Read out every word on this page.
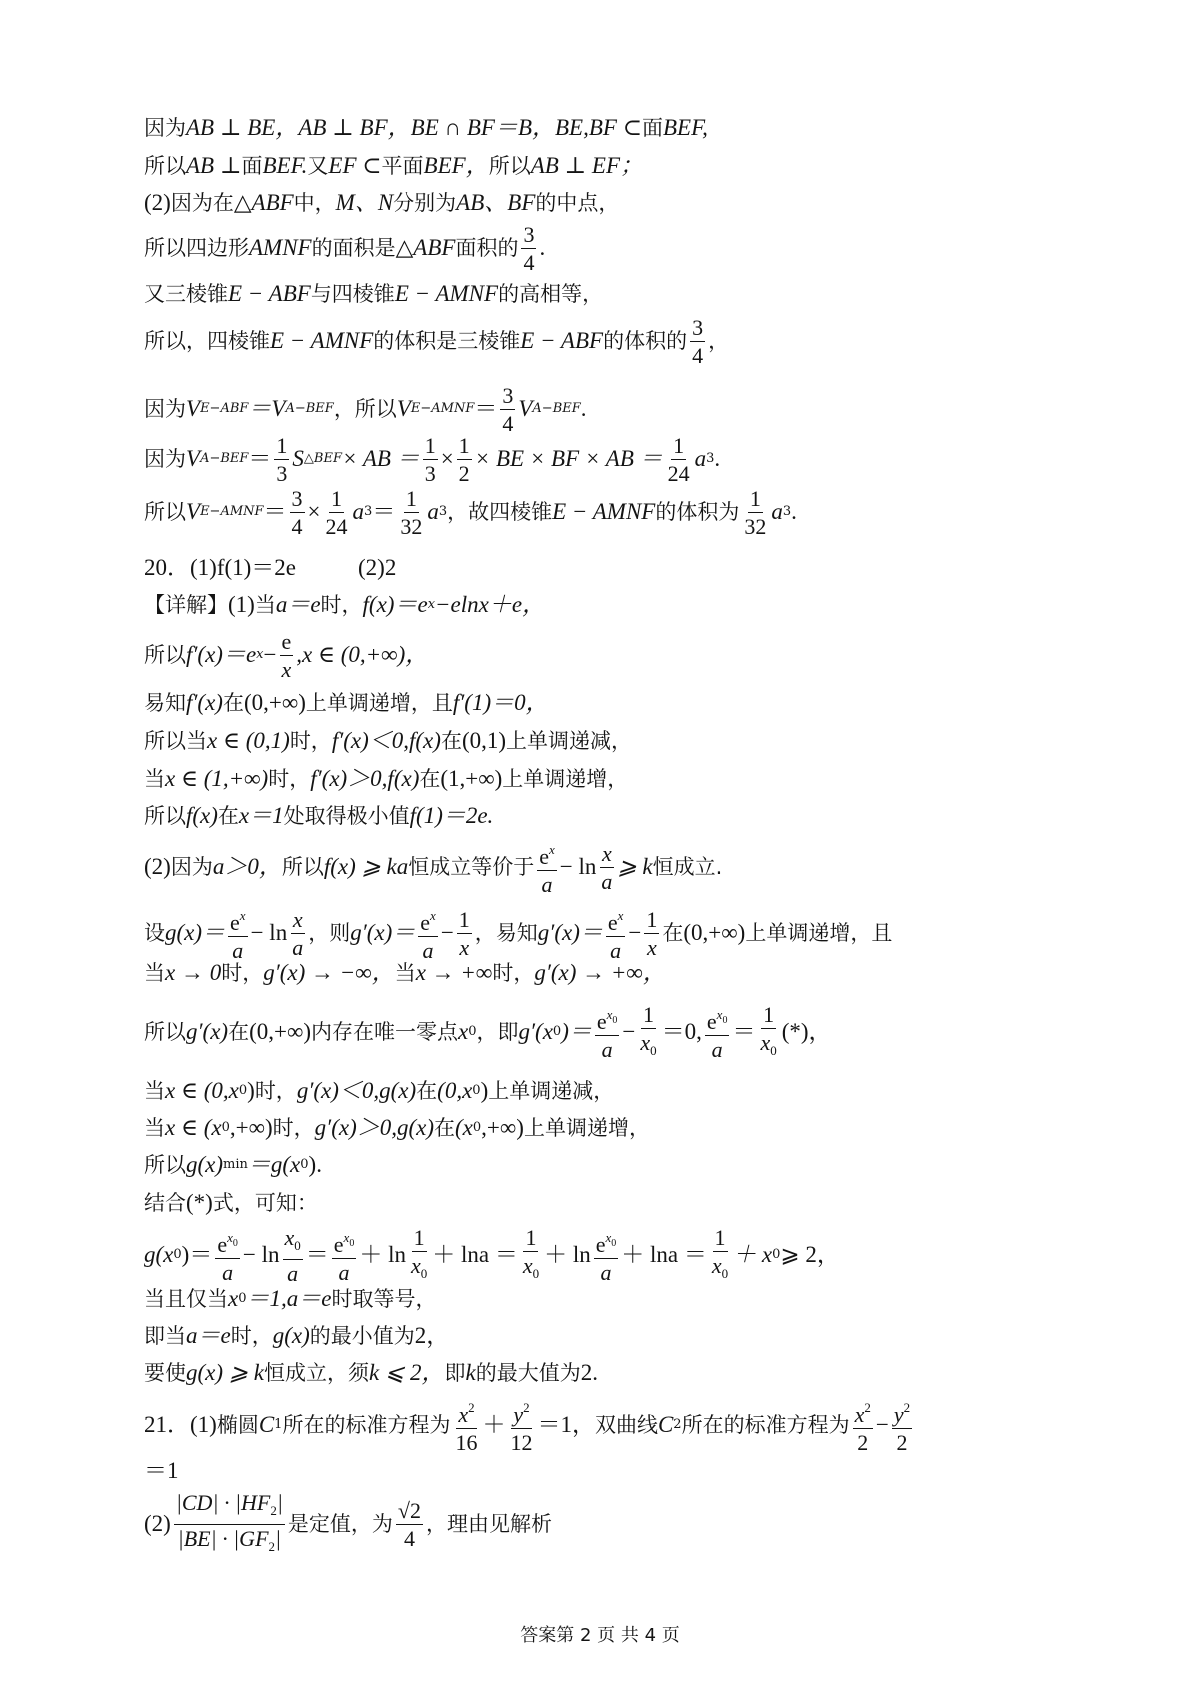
因为 AB ⊥ BE，AB ⊥ BF，BE ∩ BF＝B，BE,BF ⊂ 面 BEF,
所以 AB ⊥ 面 BEF. 又 EF ⊂ 平面 BEF， 所以 AB ⊥ EF；
(2) 因为在 △ABF 中， M、N 分别为 AB、BF 的中点，
所以四边形 AMNF 的面积是 △ABF 面积的 $\frac{3}{4}$ .
又三棱锥 E − ABF 与四棱锥 E − AMNF 的高相等，
所以，四棱锥 E − AMNF 的体积是三棱锥 E − ABF 的体积的 $\frac{3}{4}$ ，
因为 V E−ABF ＝V A−BEF ，所以 V E−AMNF ＝ $\frac{3}{4}$ V A−BEF .
因为 V $A-BEF = \frac{1}{3}$ S △BEF × AB ＝ $\frac{1}{3} \times \frac{1}{2}$ × BE × BF × AB ＝ $\frac{1}{24}$ a 3 .
所以 V E−AMNF ＝ $\frac{3}{4} \times \frac{1}{24}$ a $3 = \frac{1}{32}$ a 3 ，故四棱锥 E − AMNF 的体积为 $\frac{1}{32}$ a 3 .
20． (1)f(1)＝2e	(2)2
【详解】 (1) 当 a＝e 时， f(x)＝e x −elnx＋e，
所以 f′(x)＝e $x - \frac{e}{x} ,x$ ∈ (0,+∞)，
易知 f′(x) 在 (0,+∞) 上单调递增，且 f′(1)＝0，
所以当 x ∈ (0,1) 时， f′(x)＜0,f(x) 在 (0,1) 上单调递减，
当 x ∈ (1,+∞) 时， f′(x)＞0,f(x) 在 (1,+∞) 上单调递增，
所以 f(x) 在 x＝1 处取得极小值 f(1)＝2e.
(2) 因为 a＞0， 所以 f(x) ⩾ ka 恒成立等价于 $\frac{e^x}{a} - \ln \frac{x}{a}$ ⩾ k 恒成立.
设 $g(x)= \frac{e^x}{a} - \ln \frac{x}{a}$ ，则 $g'(x)= \frac{e^x}{a} - \frac{1}{x}$ ，易知 $g'(x)= \frac{e^x}{a} - \frac{1}{x}$ 在 (0,+∞) 上单调递增，且
当 x → 0 时， g′(x) → −∞， 当 x → +∞ 时， g′(x) → +∞，
所以 g′(x) 在 (0,+∞) 内存在唯一零点 x 0 ，即 g′(x 0 )＝ $\frac{e^{x0}}{a} - \frac{1}{x_0} =0$, $\frac{e^{x0}}{a} = \frac{1}{x_0}$ (*)，
当 x ∈ (0,x 0 ) 时， g′(x)＜0,g(x) 在 (0,x 0 ) 上单调递减，
当 x ∈ (x 0 ,+∞) 时， g′(x)＞0,g(x) 在 (x 0 ,+∞) 上单调递增，
所以 g(x) min ＝g(x 0 ).
结合 (*) 式，可知：
g(x 0 )＝ $\frac{e^{x0}}{a} - \ln \frac{x_0}{a} = \frac{e^{x0}}{a} + \ln \frac{1}{x_0} + \ln a = \frac{1}{x_0} + \ln \frac{e^{x0}}{a} + \ln a = \frac{1}{x_0} + x$ 0 ⩾ 2，
当且仅当 x 0 ＝1,a＝e 时取等号，
即当 a＝e 时， g(x) 的最小值为 2，
要使 g(x) ⩾ k 恒成立，须 k ⩽ 2， 即 k 的最大值为 2.
21． (1) 椭圆 C 1 所在的标准方程为 $\frac{x^2}{16} + \frac{y^2}{12} =1$， 双曲线 C 2 所在的标准方程为 $\frac{x^2}{2} - \frac{y^2}{2}$
＝1
$(2) \frac{|CD| \cdot |HF_2|}{|BE| \cdot |GF_2|}$ 是定值，为 $\frac{√2}{4}$ ，理由见解析
答案第 2 页 共 4 页
